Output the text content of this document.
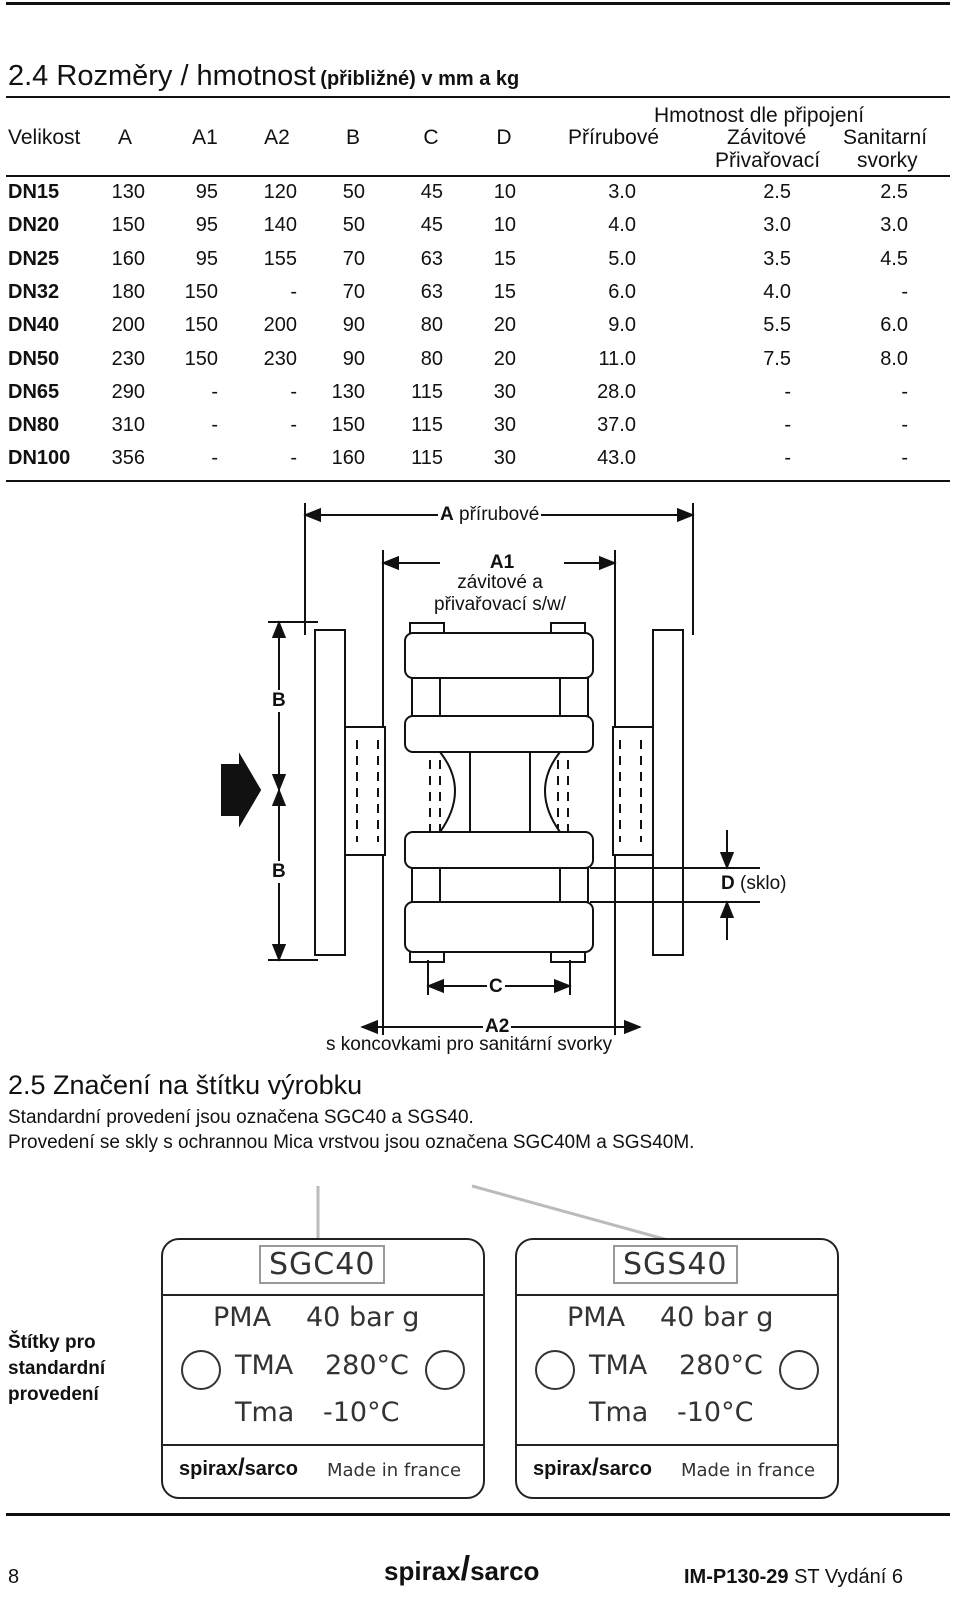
2.4 Rozměry / hmotnost (přibližné) v mm a kg
Hmotnost dle připojení
Velikost	A	A1	A2	B	C	D	Přírubové	Závitové Sanitarní
Přivařovací svorky
DN15	130	95	120	50	45	10	3.0	2.5	2.5
DN20	150	95	140	50	45	10	4.0	3.0	3.0
DN25	160	95	155	70	63	15	5.0	3.5	4.5
DN32	180	150	-	70	63	15	6.0	4.0	-
DN40	200	150	200	90	80	20	9.0	5.5	6.0
DN50	230	150	230	90	80	20	11.0	7.5	8.0
DN65	290	-	-	130	115	30	28.0	-	-
DN80	310	-	-	150	115	30	37.0	-	-
DN100	356	-	-	160	115	30	43.0	-	-
A přírubové
A1
závitové a
přivařovací s/w/
B
B
C
D (sklo)
A2
s koncovkami pro sanitární svorky
2.5 Značení na štítku výrobku
Standardní provedení jsou označena SGC40 a SGS40.
Provedení se skly s ochrannou Mica vrstvou jsou označena SGC40M a SGS40M.
Štítky pro
standardní
provedení
SGC40
PMA 40 bar g
TMA 280°C
Tma -10°C
spirax/sarco Made in france
SGS40
PMA 40 bar g
TMA 280°C
Tma -10°C
spirax/sarco Made in france
8	spirax/sarco	IM-P130-29 ST Vydání 6
